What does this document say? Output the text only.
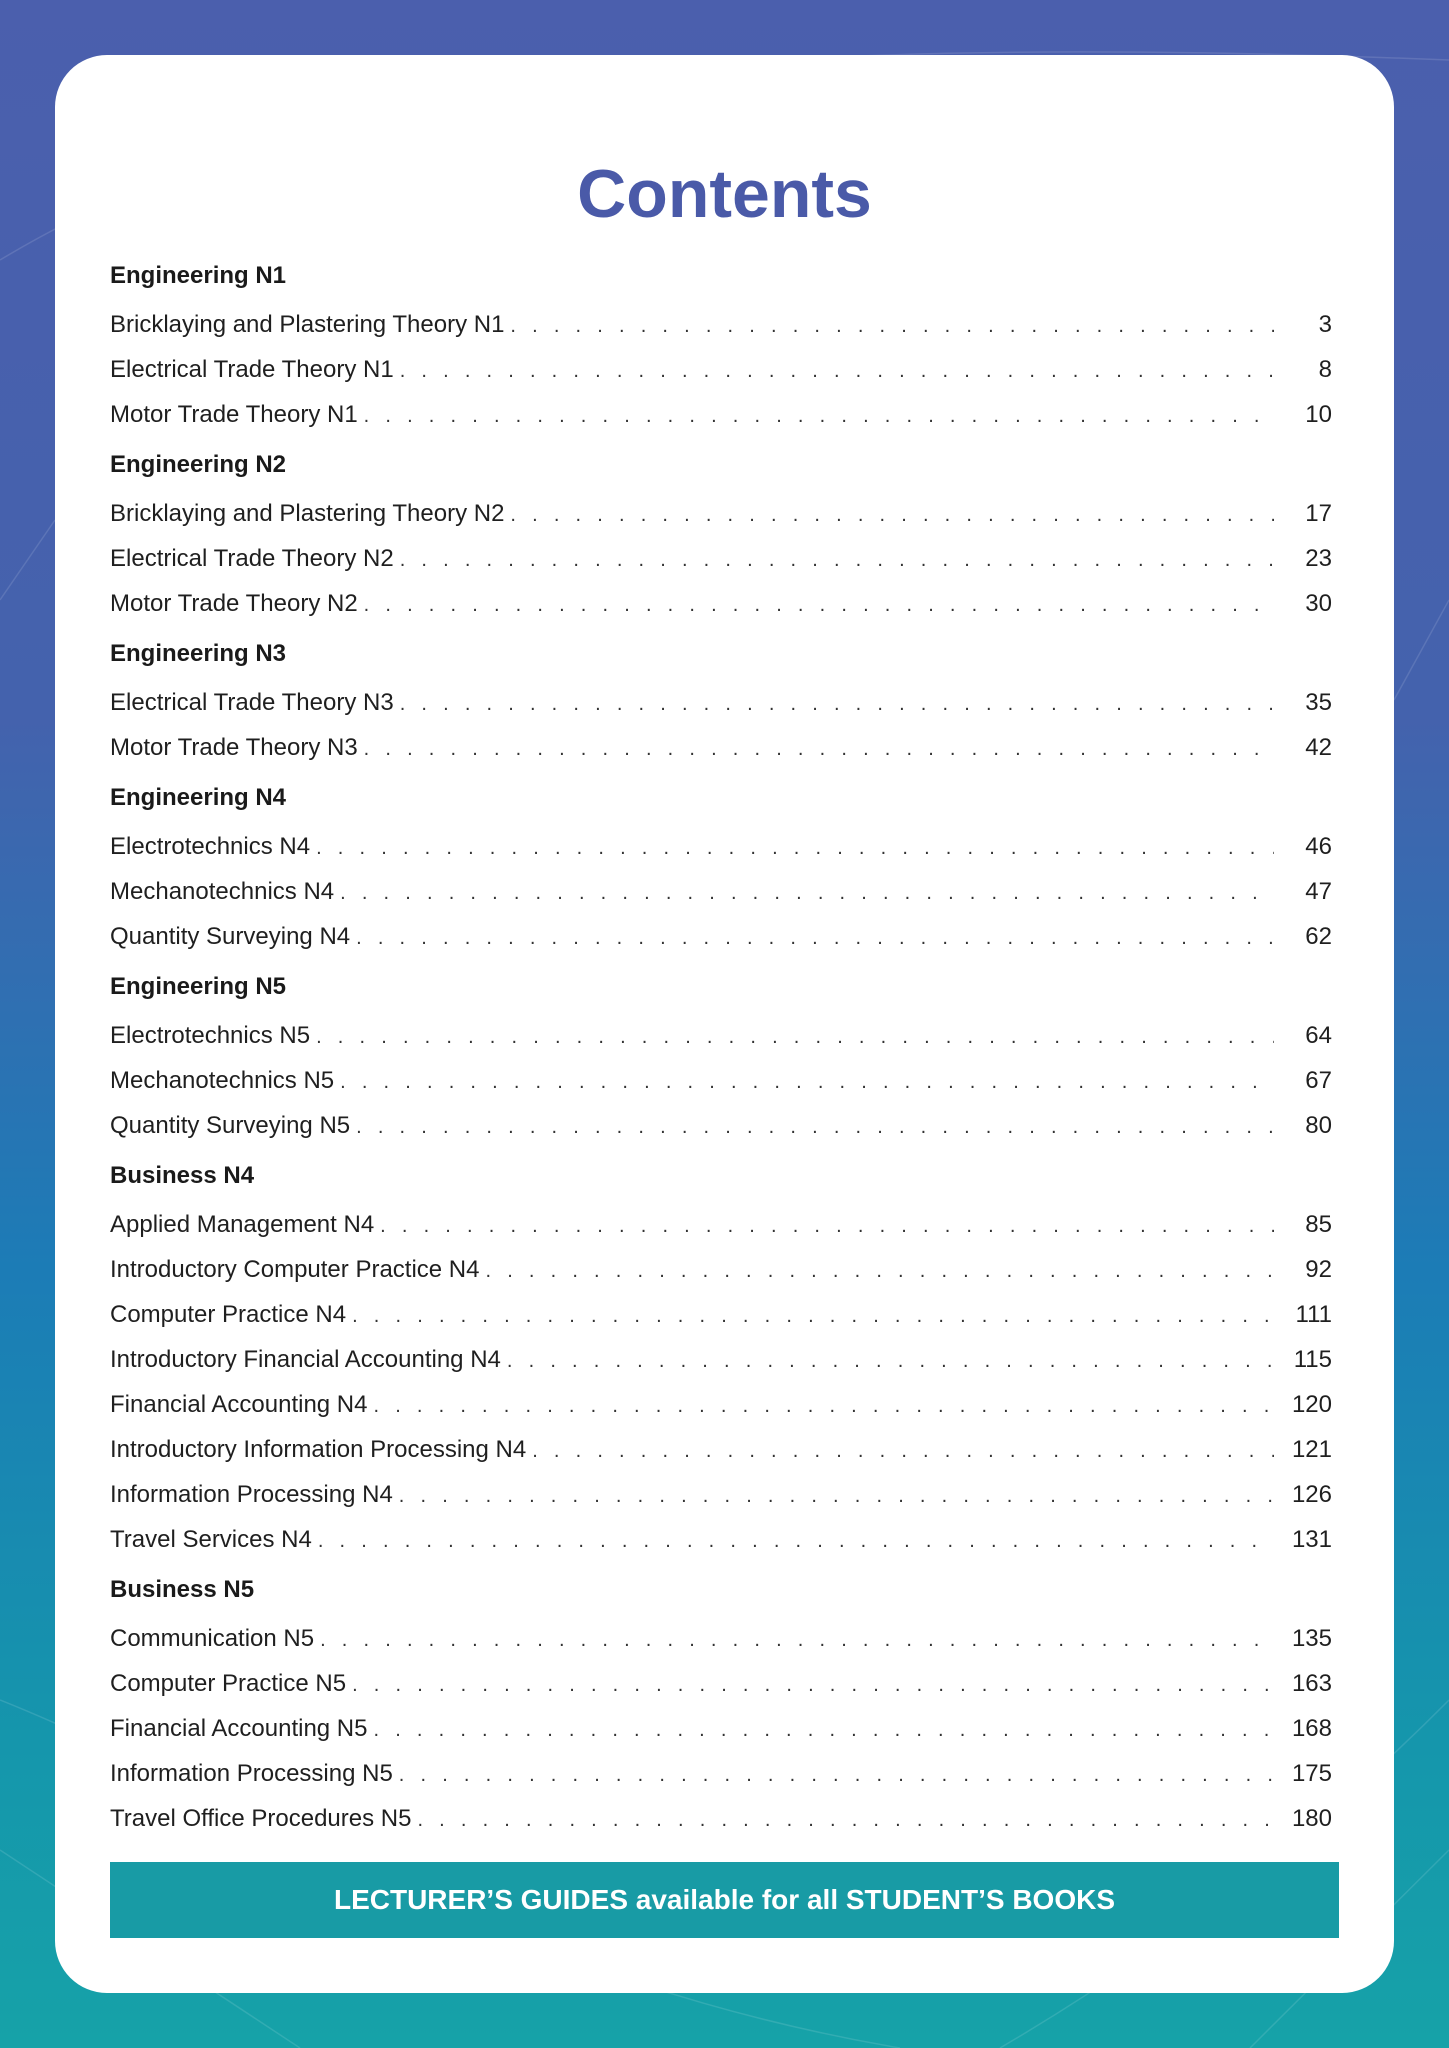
Contents
Engineering N1
Bricklaying and Plastering Theory N1 . . .	3
Electrical Trade Theory N1 . . .	8
Motor Trade Theory N1 . . .	10
Engineering N2
Bricklaying and Plastering Theory N2 . . .	17
Electrical Trade Theory N2 . . .	23
Motor Trade Theory N2 . . .	30
Engineering N3
Electrical Trade Theory N3 . . .	35
Motor Trade Theory N3 . . .	42
Engineering N4
Electrotechnics N4 . . .	46
Mechanotechnics N4 . . .	47
Quantity Surveying N4 . . .	62
Engineering N5
Electrotechnics N5 . . .	64
Mechanotechnics N5 . . .	67
Quantity Surveying N5 . . .	80
Business N4
Applied Management N4 . . .	85
Introductory Computer Practice N4 . . .	92
Computer Practice N4 . . .	111
Introductory Financial Accounting N4 . . .	115
Financial Accounting N4 . . .	120
Introductory Information Processing N4 . . .	121
Information Processing N4 . . .	126
Travel Services N4 . . .	131
Business N5
Communication N5 . . .	135
Computer Practice N5 . . .	163
Financial Accounting N5 . . .	168
Information Processing N5 . . .	175
Travel Office Procedures N5 . . .	180
LECTURER’S GUIDES available for all STUDENT’S BOOKS
